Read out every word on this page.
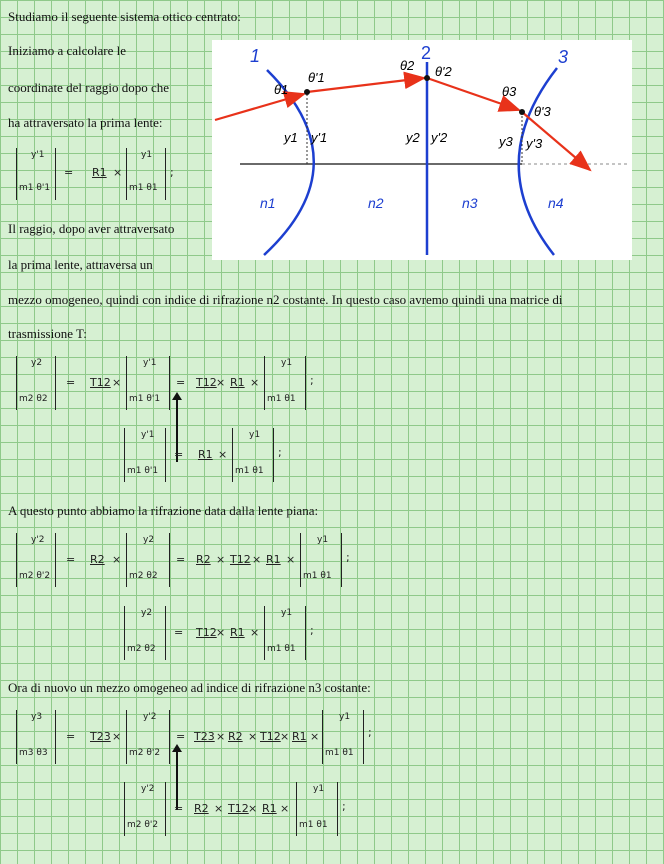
Studiamo il seguente sistema ottico centrato:
Iniziamo a calcolare le
coordinate del raggio dopo che
ha attraversato la prima lente:
Il raggio, dopo aver attraversato
la prima lente, attraversa un
mezzo omogeneo, quindi con indice di rifrazione n2 costante. In questo caso avremo quindi una matrice di
trasmissione T:
A questo punto abbiamo la rifrazione data dalla lente piana:
Ora di nuovo un mezzo omogeneo ad indice di rifrazione n3 costante:
1	2	3
θ1
θ'1
θ2 θ'2
θ3
θ'3
y1 y'1	y2 y'2	y3 y'3
n1	n2	n3	n4
y'1
m1 θ'1
= R1 ×
y1
m1 θ1
;
y2
m2 θ2
= T12 ×
y'1
m1 θ'1
= T12 × R1 ×
y1
m1 θ1
;
y'1
m1 θ'1
= R1 ×
y1
m1 θ1
;
y'2
m2 θ'2
= R2 ×
y2
m2 θ2
= R2 × T12 × R1 ×
y1
m1 θ1
;
y2
m2 θ2
= T12 × R1 ×
y1
m1 θ1
;
y3
m3 θ3
= T23 ×
y'2
m2 θ'2
= T23 × R2 × T12 × R1 ×
y1
m1 θ1
;
y'2
m2 θ'2
= R2 × T12 × R1 ×
y1
m1 θ1
;
